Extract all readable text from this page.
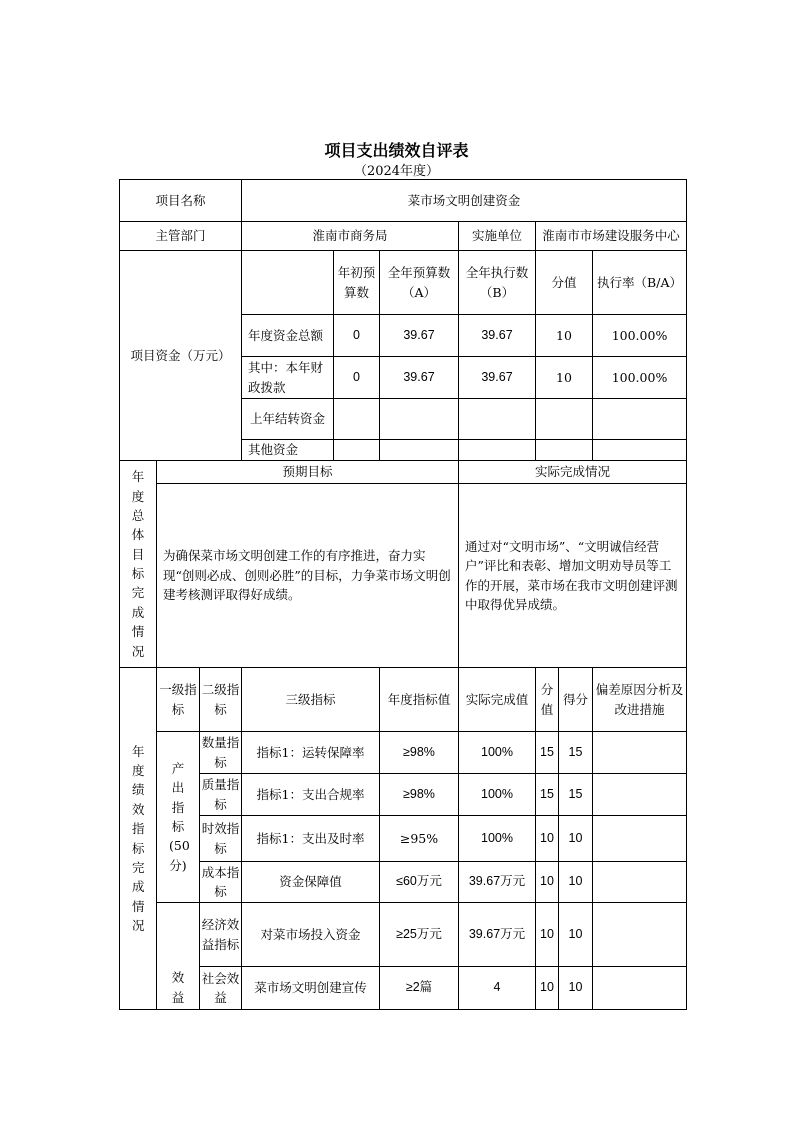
项目支出绩效自评表
（2024年度）
项目名称			菜市场文明创建资金							
主管部门			淮南市商务局			实施单位	淮南市市场建设服务中心			
项目资金（万元）				年初预算数	全年预算数（A）	全年执行数（B）	分值		执行率（B/A）	
			年度资金总额	0	39.67	39.67	10		100.00%	
			其中：本年财政拨款	0	39.67	39.67	10		100.00%	
			上年结转资金							
			其他资金							
年度总体目标完成情况	预期目标					实际完成情况				
	为确保菜市场文明创建工作的有序推进，奋力实现“创则必成、创则必胜”的目标，力争菜市场文明创建考核测评取得好成绩。					通过对“文明市场”、“文明诚信经营户”评比和表彰、增加文明劝导员等工作的开展，菜市场在我市文明创建评测中取得优异成绩。				
年度绩效指标完成情况	一级指标	二级指标	三级指标		年度指标值	实际完成值	分值	得分	偏差原因分析及改进措施	
	产出指标(50分)	数量指标	指标1：运转保障率		≥98%	100%	15	15		
		质量指标	指标1：支出合规率		≥98%	100%	15	15		
		时效指标	指标1：支出及时率		≥95%	100%	10	10		
		成本指标	资金保障值		≤60万元	39.67万元	10	10		
	效益	经济效益指标	对菜市场投入资金		≥25万元	39.67万元	10	10		
		社会效益	菜市场文明创建宣传		≥2篇	4	10	10		
